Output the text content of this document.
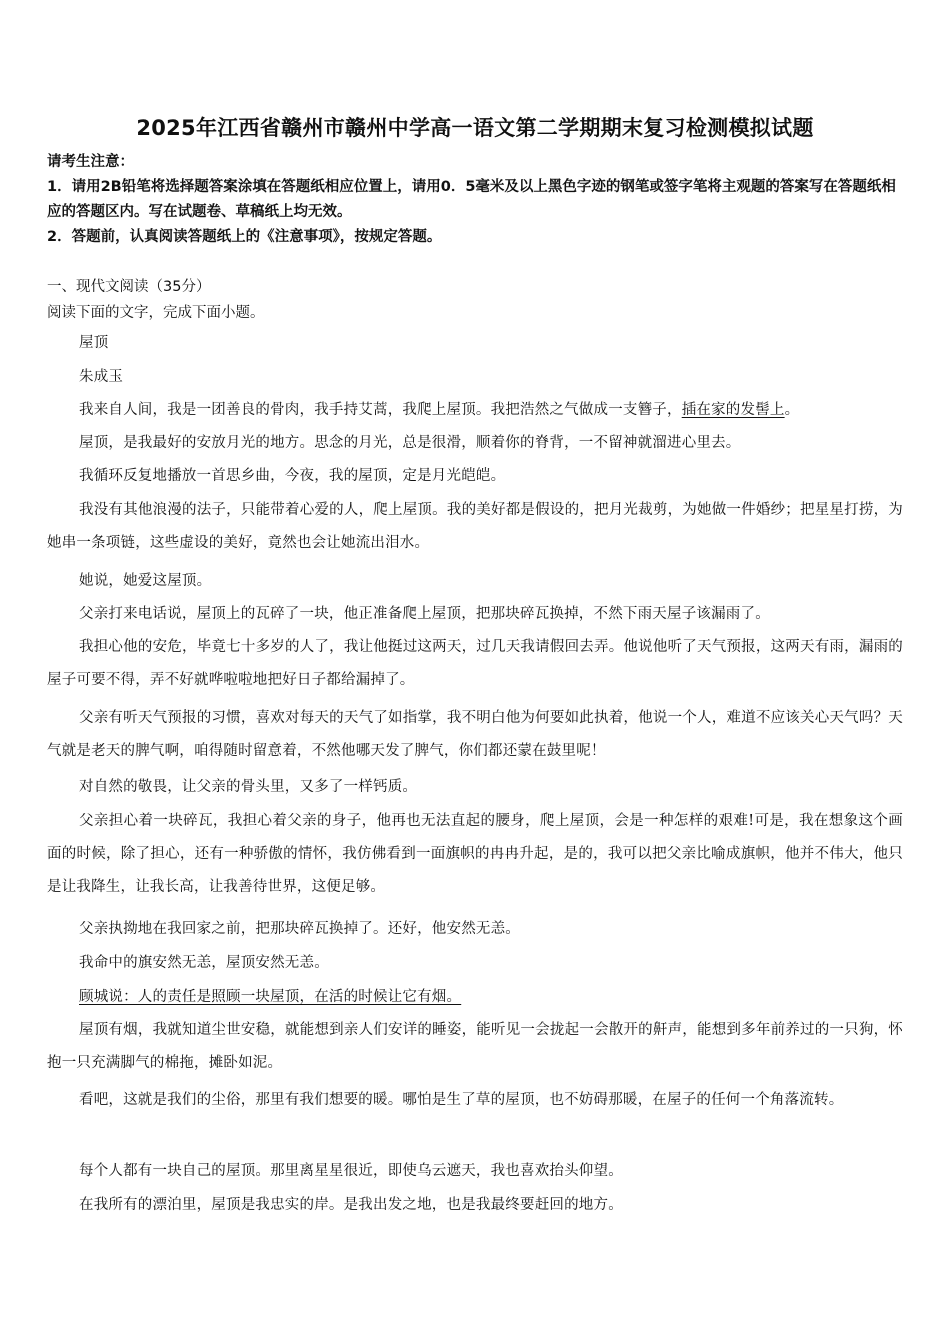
2025年江西省赣州市赣州中学高一语文第二学期期末复习检测模拟试题

请考生注意：

1．请用2B铅笔将选择题答案涂填在答题纸相应位置上，请用0．5毫米及以上黑色字迹的钢笔或签字笔将主观题的答案写在答题纸相应的答题区内。写在试题卷、草稿纸上均无效。

2．答题前，认真阅读答题纸上的《注意事项》，按规定答题。

一、现代文阅读（35分）

阅读下面的文字，完成下面小题。

屋顶

朱成玉

我来自人间，我是一团善良的骨肉，我手持艾蒿，我爬上屋顶。我把浩然之气做成一支簪子，插在家的发髻上。

屋顶，是我最好的安放月光的地方。思念的月光，总是很滑，顺着你的脊背，一不留神就溜进心里去。

我循环反复地播放一首思乡曲，今夜，我的屋顶，定是月光皑皑。

我没有其他浪漫的法子，只能带着心爱的人，爬上屋顶。我的美好都是假设的，把月光裁剪，为她做一件婚纱；把星星打捞，为她串一条项链，这些虚设的美好，竟然也会让她流出泪水。

她说，她爱这屋顶。

父亲打来电话说，屋顶上的瓦碎了一块，他正准备爬上屋顶，把那块碎瓦换掉，不然下雨天屋子该漏雨了。

我担心他的安危，毕竟七十多岁的人了，我让他挺过这两天，过几天我请假回去弄。他说他听了天气预报，这两天有雨，漏雨的屋子可要不得，弄不好就哗啦啦地把好日子都给漏掉了。

父亲有听天气预报的习惯，喜欢对每天的天气了如指掌，我不明白他为何要如此执着，他说一个人，难道不应该关心天气吗？天气就是老天的脾气啊，咱得随时留意着，不然他哪天发了脾气，你们都还蒙在鼓里呢！

对自然的敬畏，让父亲的骨头里，又多了一样钙质。

父亲担心着一块碎瓦，我担心着父亲的身子，他再也无法直起的腰身，爬上屋顶，会是一种怎样的艰难!可是，我在想象这个画面的时候，除了担心，还有一种骄傲的情怀，我仿佛看到一面旗帜的冉冉升起，是的，我可以把父亲比喻成旗帜，他并不伟大，他只是让我降生，让我长高，让我善待世界，这便足够。

父亲执拗地在我回家之前，把那块碎瓦换掉了。还好，他安然无恙。

我命中的旗安然无恙，屋顶安然无恙。

顾城说：人的责任是照顾一块屋顶，在活的时候让它有烟。

屋顶有烟，我就知道尘世安稳，就能想到亲人们安详的睡姿，能听见一会拢起一会散开的鼾声，能想到多年前养过的一只狗，怀抱一只充满脚气的棉拖，摊卧如泥。

看吧，这就是我们的尘俗，那里有我们想要的暖。哪怕是生了草的屋顶，也不妨碍那暖，在屋子的任何一个角落流转。

每个人都有一块自己的屋顶。那里离星星很近，即使乌云遮天，我也喜欢抬头仰望。

在我所有的漂泊里，屋顶是我忠实的岸。是我出发之地，也是我最终要赶回的地方。
